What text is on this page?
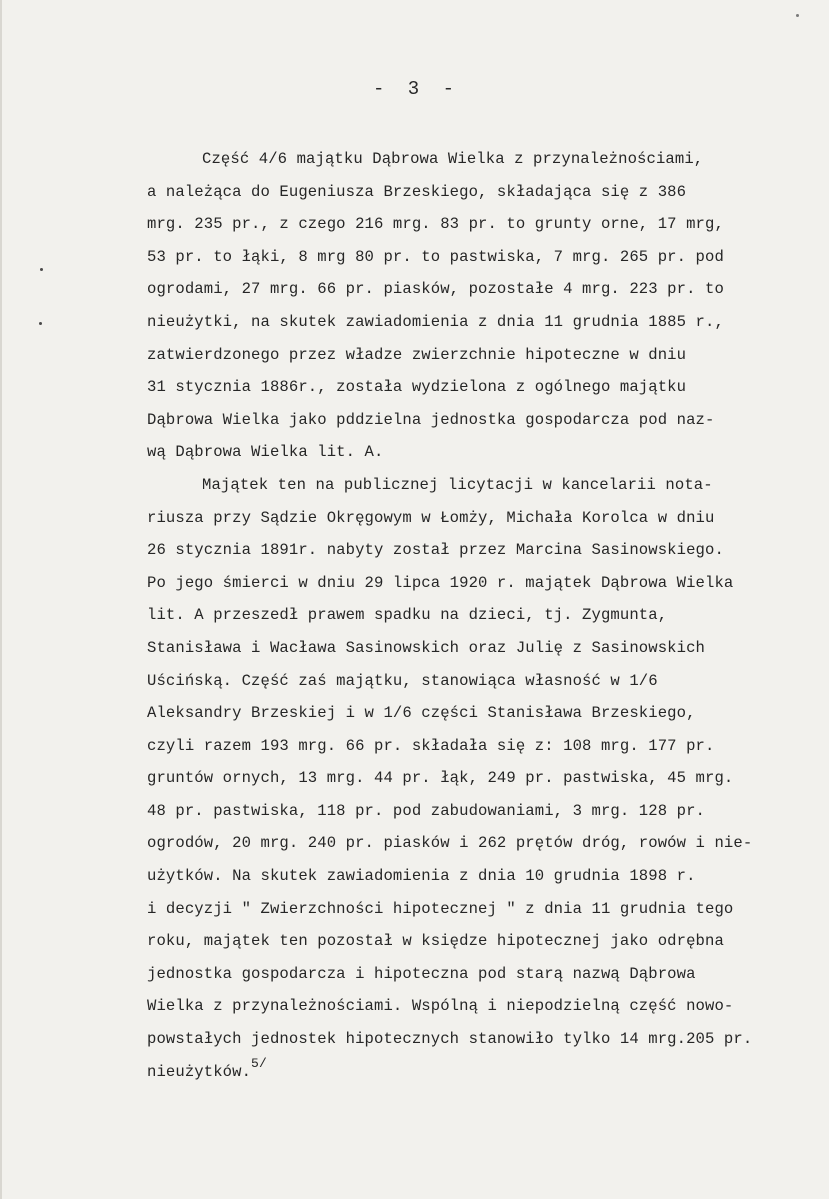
- 3 -
Część 4/6 majątku Dąbrowa Wielka z przynależnościami,
a należąca do Eugeniusza Brzeskiego, składająca się z 386
mrg. 235 pr., z czego 216 mrg. 83 pr. to grunty orne, 17 mrg,
53 pr. to łąki, 8 mrg 80 pr. to pastwiska, 7 mrg. 265 pr. pod
ogrodami, 27 mrg. 66 pr. piasków, pozostałe 4 mrg. 223 pr. to
nieużytki, na skutek zawiadomienia z dnia 11 grudnia 1885 r.,
zatwierdzonego przez władze zwierzchnie hipoteczne w dniu
31 stycznia 1886r., została wydzielona z ogólnego majątku
Dąbrowa Wielka jako pddzielna jednostka gospodarcza pod naz-
wą Dąbrowa Wielka lit. A.
Majątek ten na publicznej licytacji w kancelarii nota-
riusza przy Sądzie Okręgowym w Łomży, Michała Korolca w dniu
26 stycznia 1891r. nabyty został przez Marcina Sasinowskiego.
Po jego śmierci w dniu 29 lipca 1920 r. majątek Dąbrowa Wielka
lit. A przeszedł prawem spadku na dzieci, tj. Zygmunta,
Stanisława i Wacława Sasinowskich oraz Julię z Sasinowskich
Uścińską. Część zaś majątku, stanowiąca własność w 1/6
Aleksandry Brzeskiej i w 1/6 części Stanisława Brzeskiego,
czyli razem 193 mrg. 66 pr. składała się z: 108 mrg. 177 pr.
gruntów ornych, 13 mrg. 44 pr. łąk, 249 pr. pastwiska, 45 mrg.
48 pr. pastwiska, 118 pr. pod zabudowaniami, 3 mrg. 128 pr.
ogrodów, 20 mrg. 240 pr. piasków i 262 prętów dróg, rowów i nie-
użytków. Na skutek zawiadomienia z dnia 10 grudnia 1898 r.
i decyzji " Zwierzchności hipotecznej " z dnia 11 grudnia tego
roku, majątek ten pozostał w księdze hipotecznej jako odrębna
jednostka gospodarcza i hipoteczna pod starą nazwą Dąbrowa
Wielka z przynależnościami. Wspólną i niepodzielną część nowo-
powstałych jednostek hipotecznych stanowiło tylko 14 mrg.205 pr.
nieużytków.$^{5/}$
